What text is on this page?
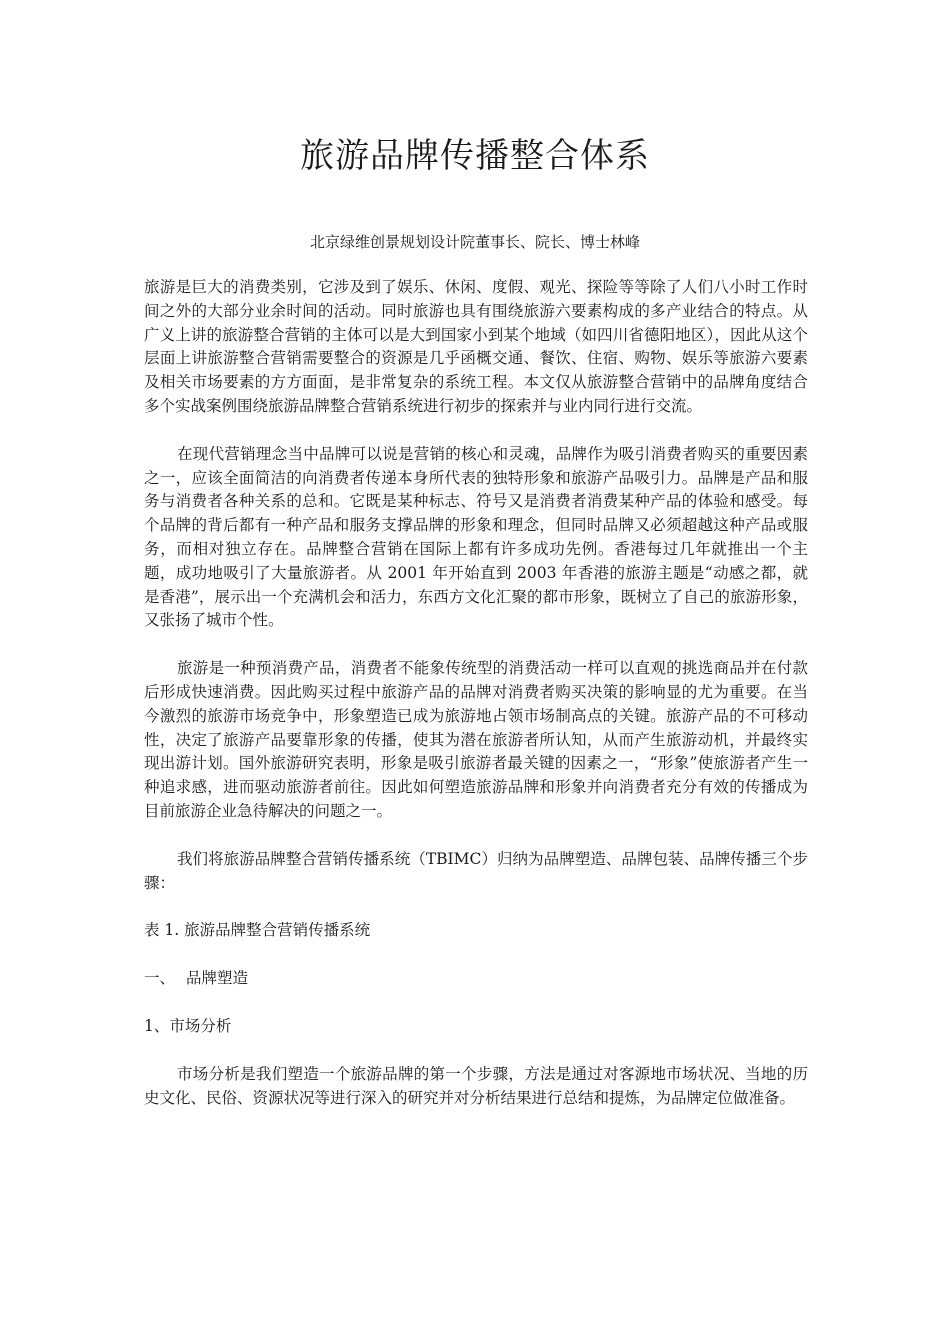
旅游品牌传播整合体系

北京绿维创景规划设计院董事长、院长、博士林峰

旅游是巨大的消费类别，它涉及到了娱乐、休闲、度假、观光、探险等等除了人们八小时工作时间之外的大部分业余时间的活动。同时旅游也具有围绕旅游六要素构成的多产业结合的特点。从广义上讲的旅游整合营销的主体可以是大到国家小到某个地域（如四川省德阳地区），因此从这个层面上讲旅游整合营销需要整合的资源是几乎函概交通、餐饮、住宿、购物、娱乐等旅游六要素及相关市场要素的方方面面，是非常复杂的系统工程。本文仅从旅游整合营销中的品牌角度结合多个实战案例围绕旅游品牌整合营销系统进行初步的探索并与业内同行进行交流。

在现代营销理念当中品牌可以说是营销的核心和灵魂，品牌作为吸引消费者购买的重要因素之一，应该全面简洁的向消费者传递本身所代表的独特形象和旅游产品吸引力。品牌是产品和服务与消费者各种关系的总和。它既是某种标志、符号又是消费者消费某种产品的体验和感受。每个品牌的背后都有一种产品和服务支撑品牌的形象和理念，但同时品牌又必须超越这种产品或服务，而相对独立存在。品牌整合营销在国际上都有许多成功先例。香港每过几年就推出一个主题，成功地吸引了大量旅游者。从 2001 年开始直到 2003 年香港的旅游主题是“动感之都，就是香港”，展示出一个充满机会和活力，东西方文化汇聚的都市形象，既树立了自己的旅游形象，又张扬了城市个性。

旅游是一种预消费产品，消费者不能象传统型的消费活动一样可以直观的挑选商品并在付款后形成快速消费。因此购买过程中旅游产品的品牌对消费者购买决策的影响显的尤为重要。在当今激烈的旅游市场竞争中，形象塑造已成为旅游地占领市场制高点的关键。旅游产品的不可移动性，决定了旅游产品要靠形象的传播，使其为潜在旅游者所认知，从而产生旅游动机，并最终实现出游计划。国外旅游研究表明，形象是吸引旅游者最关键的因素之一，“形象”使旅游者产生一种追求感，进而驱动旅游者前往。因此如何塑造旅游品牌和形象并向消费者充分有效的传播成为目前旅游企业急待解决的问题之一。

我们将旅游品牌整合营销传播系统（TBIMC）归纳为品牌塑造、品牌包装、品牌传播三个步骤：

表 1. 旅游品牌整合营销传播系统

一、 品牌塑造

1、市场分析

市场分析是我们塑造一个旅游品牌的第一个步骤，方法是通过对客源地市场状况、当地的历史文化、民俗、资源状况等进行深入的研究并对分析结果进行总结和提炼，为品牌定位做准备。
